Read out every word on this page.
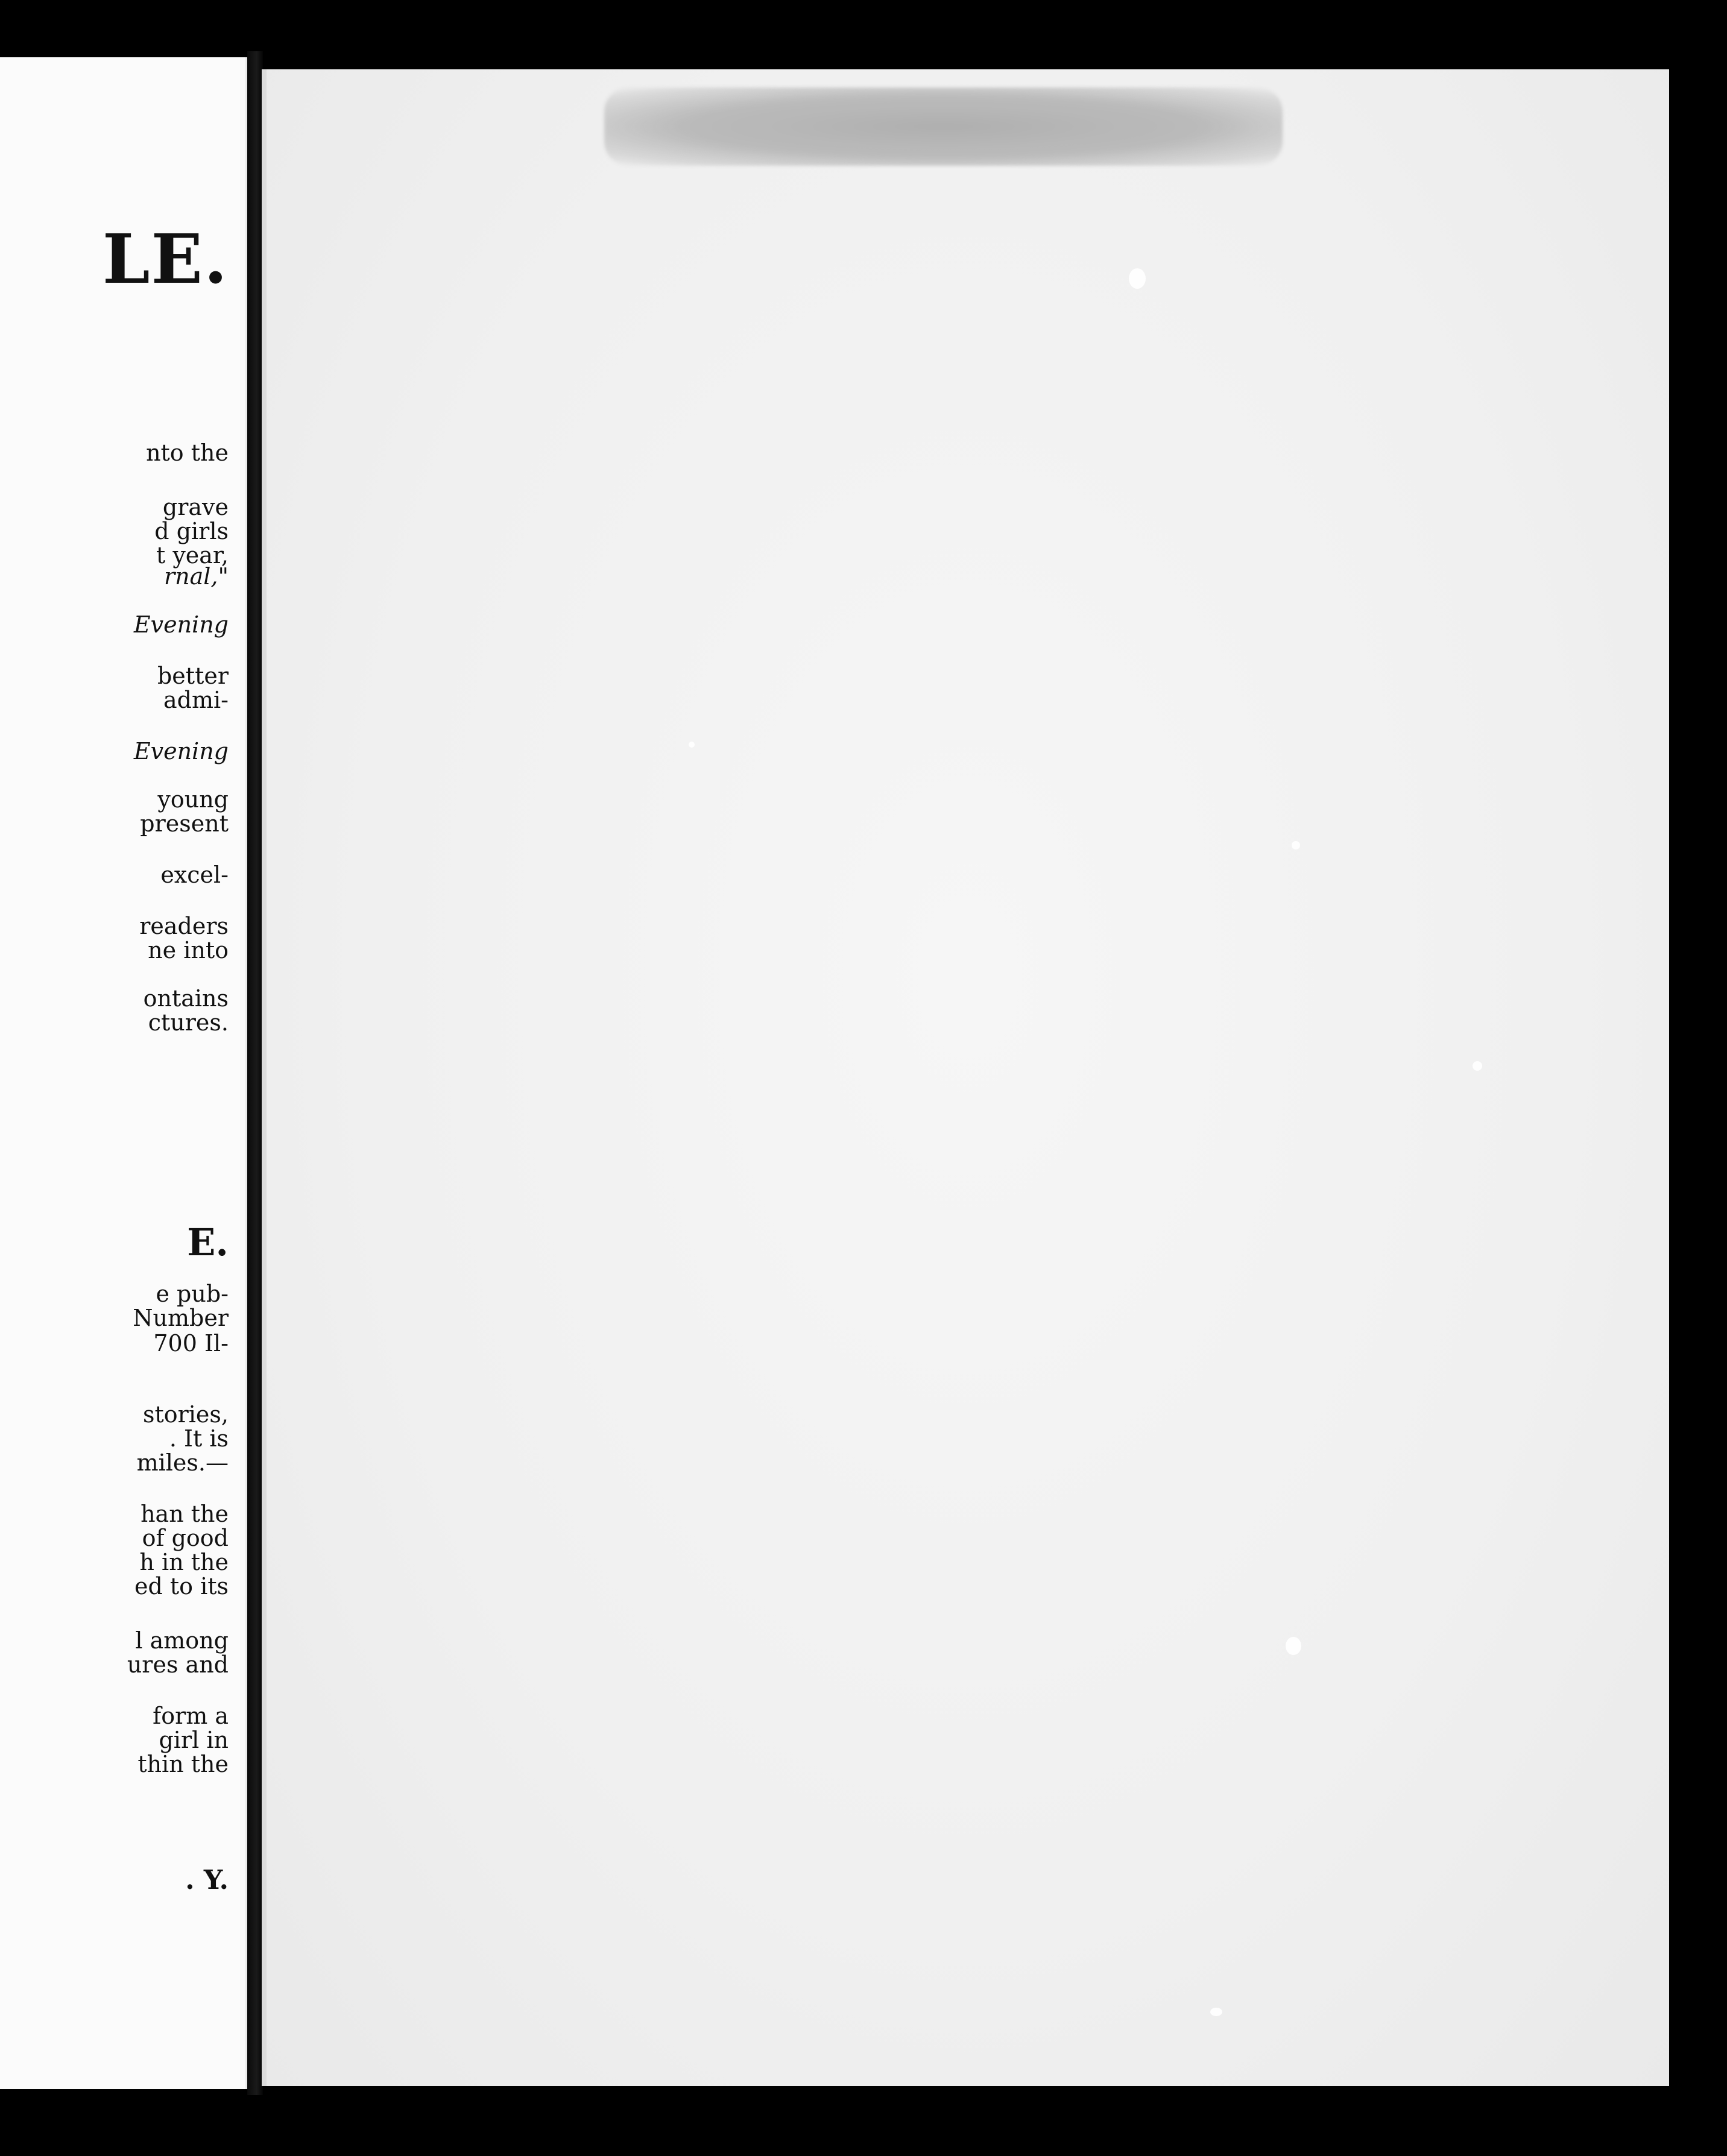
LE.
nto the
grave
d girls
t year,
rnal,"
Evening
better
admi-
Evening
young
present
excel-
readers
ne into
ontains
ctures.
E.
e pub-
Number
700 Il-
stories,
. It is
miles.—
han the
of good
h in the
ed to its
l among
ures and
form a
girl in
thin the
. Y.
